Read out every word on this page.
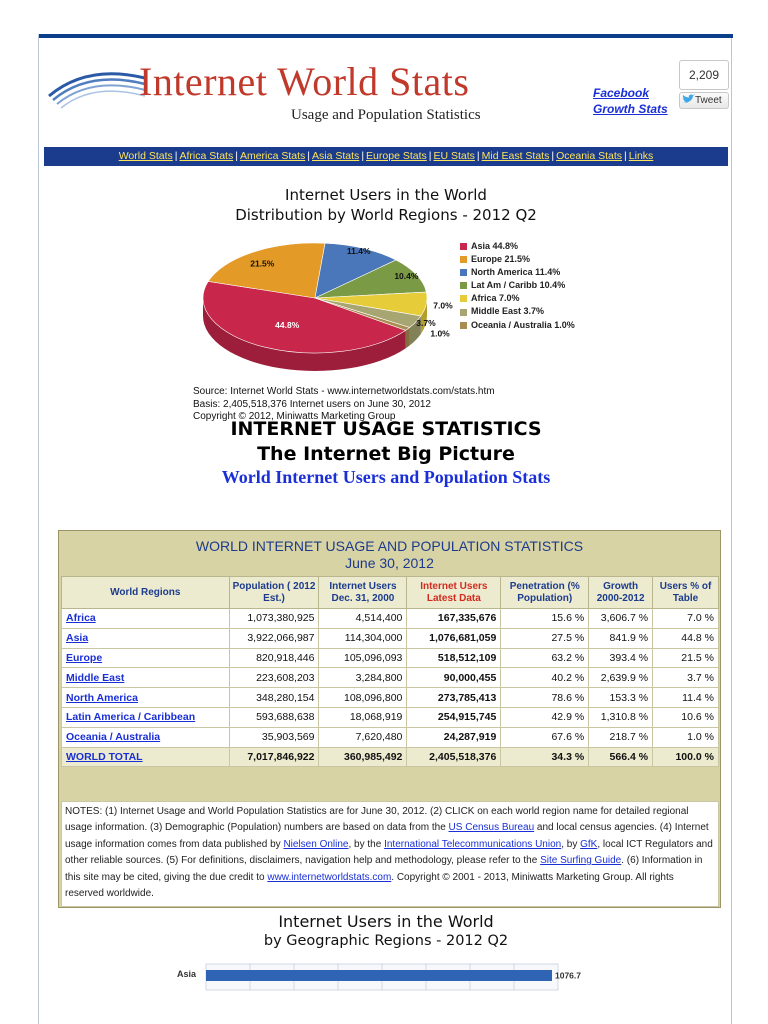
Internet World Stats
Usage and Population Statistics
Facebook Growth Stats
2,209
Tweet
World Stats | Africa Stats | America Stats | Asia Stats | Europe Stats | EU Stats | Mid East Stats | Oceania Stats | Links
Internet Users in the World
Distribution by World Regions - 2012 Q2
44.8%
21.5%
11.4%
10.4%
7.0%
3.7%
1.0%
Asia 44.8%
Europe 21.5%
North America 11.4%
Lat Am / Caribb 10.4%
Africa 7.0%
Middle East 3.7%
Oceania / Australia 1.0%
Source: Internet World Stats - www.internetworldstats.com/stats.htm
Basis: 2,405,518,376 Internet users on June 30, 2012
Copyright © 2012, Miniwatts Marketing Group
INTERNET USAGE STATISTICS
The Internet Big Picture
World Internet Users and Population Stats
WORLD INTERNET USAGE AND POPULATION STATISTICS
June 30, 2012
World Regions	Population ( 2012 Est.)	Internet Users Dec. 31, 2000	Internet Users Latest Data	Penetration (% Population)	Growth 2000-2012	Users % of Table
Africa	1,073,380,925	4,514,400	167,335,676	15.6 %	3,606.7 %	7.0 %
Asia	3,922,066,987	114,304,000	1,076,681,059	27.5 %	841.9 %	44.8 %
Europe	820,918,446	105,096,093	518,512,109	63.2 %	393.4 %	21.5 %
Middle East	223,608,203	3,284,800	90,000,455	40.2 %	2,639.9 %	3.7 %
North America	348,280,154	108,096,800	273,785,413	78.6 %	153.3 %	11.4 %
Latin America / Caribbean	593,688,638	18,068,919	254,915,745	42.9 %	1,310.8 %	10.6 %
Oceania / Australia	35,903,569	7,620,480	24,287,919	67.6 %	218.7 %	1.0 %
WORLD TOTAL	7,017,846,922	360,985,492	2,405,518,376	34.3 %	566.4 %	100.0 %
NOTES: (1) Internet Usage and World Population Statistics are for June 30, 2012. (2) CLICK on each world region name for detailed regional usage information. (3) Demographic (Population) numbers are based on data from the US Census Bureau and local census agencies. (4) Internet usage information comes from data published by Nielsen Online, by the International Telecommunications Union, by GfK, local ICT Regulators and other reliable sources. (5) For definitions, disclaimers, navigation help and methodology, please refer to the Site Surfing Guide. (6) Information in this site may be cited, giving the due credit to www.internetworldstats.com. Copyright © 2001 - 2013, Miniwatts Marketing Group. All rights reserved worldwide.
Internet Users in the World
by Geographic Regions - 2012 Q2
Asia	1076.7
